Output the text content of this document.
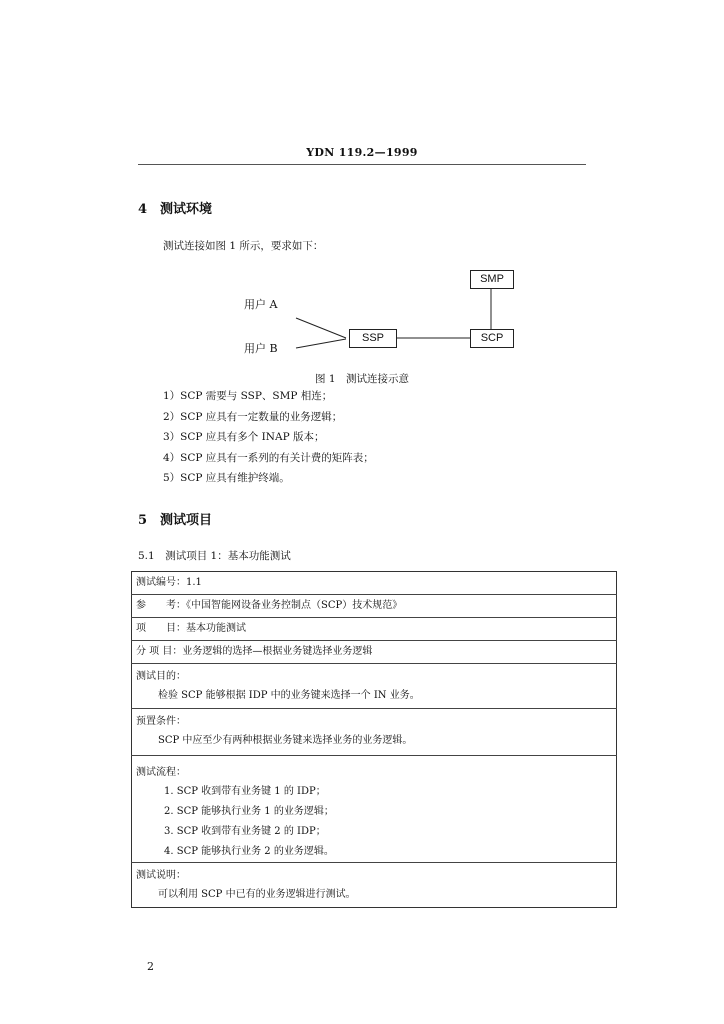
YDN 119.2—1999
4　测试环境
测试连接如图 1 所示，要求如下：
SMP
SSP	SCP
用户 A
用户 B
图 1　测试连接示意
1）SCP 需要与 SSP、SMP 相连；
2）SCP 应具有一定数量的业务逻辑；
3）SCP 应具有多个 INAP 版本；
4）SCP 应具有一系列的有关计费的矩阵表；
5）SCP 应具有维护终端。
5　测试项目
5.1　测试项目 1：基本功能测试
测试编号：1.1
参　　考：《中国智能网设备业务控制点（SCP）技术规范》
项　　目：基本功能测试
分 项 目：业务逻辑的选择—根据业务键选择业务逻辑

测试目的：
检验 SCP 能够根据 IDP 中的业务键来选择一个 IN 业务。

预置条件：
SCP 中应至少有两种根据业务键来选择业务的业务逻辑。

测试流程：
1. SCP 收到带有业务键 1 的 IDP；
2. SCP 能够执行业务 1 的业务逻辑；
3. SCP 收到带有业务键 2 的 IDP；
4. SCP 能够执行业务 2 的业务逻辑。

测试说明：
可以利用 SCP 中已有的业务逻辑进行测试。
2
